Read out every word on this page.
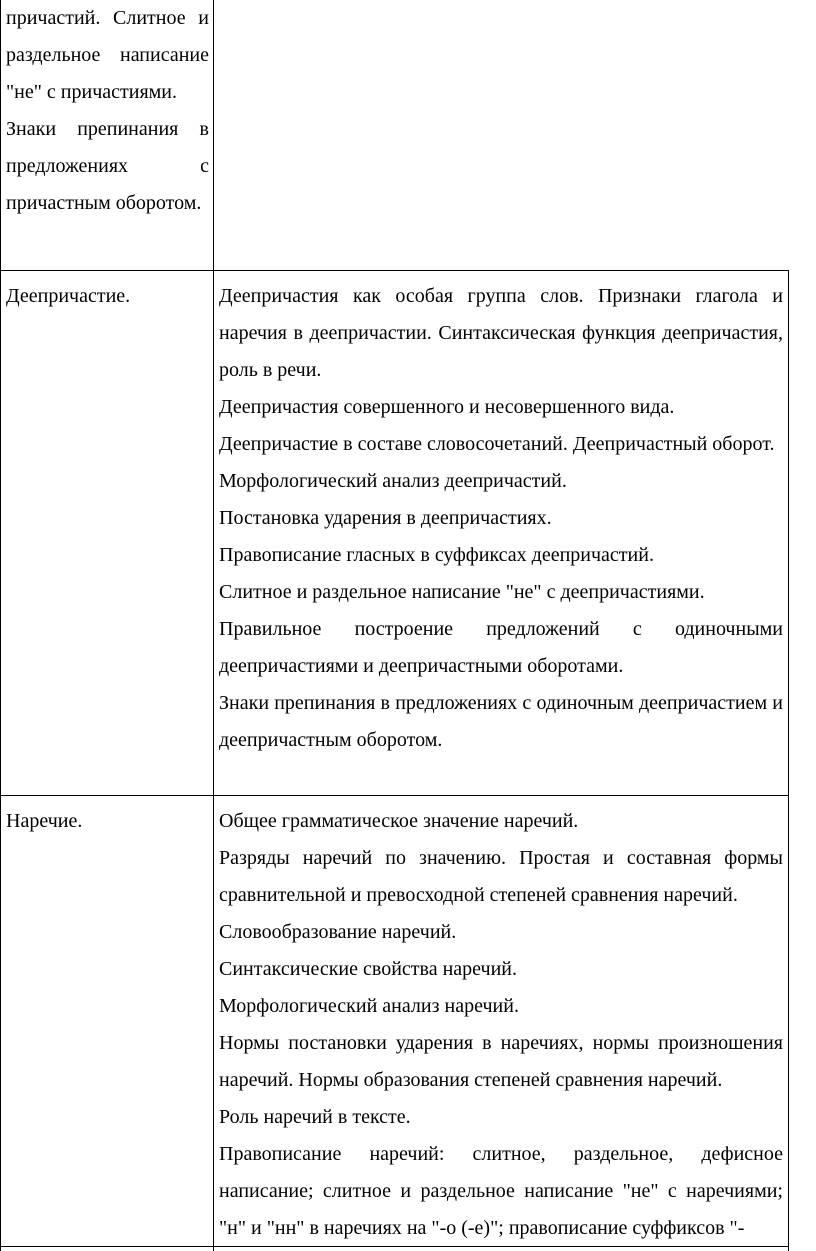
причастий. Слитное и раздельное написание "не" с причастиями.

Знаки препинания в предложениях с причастным оборотом.

Деепричастие.	Деепричастия как особая группа слов. Признаки глагола и наречия в деепричастии. Синтаксическая функция деепричастия, роль в речи.

Деепричастия совершенного и несовершенного вида.

Деепричастие в составе словосочетаний. Деепричастный оборот.

Морфологический анализ деепричастий.

Постановка ударения в деепричастиях.

Правописание гласных в суффиксах деепричастий.

Слитное и раздельное написание "не" с деепричастиями.

Правильное построение предложений с одиночными деепричастиями и деепричастными оборотами.

Знаки препинания в предложениях с одиночным деепричастием и деепричастным оборотом.

Наречие.	Общее грамматическое значение наречий.

Разряды наречий по значению. Простая и составная формы сравнительной и превосходной степеней сравнения наречий.

Словообразование наречий.

Синтаксические свойства наречий.

Морфологический анализ наречий.

Нормы постановки ударения в наречиях, нормы произношения наречий. Нормы образования степеней сравнения наречий.

Роль наречий в тексте.

Правописание наречий: слитное, раздельное, дефисное написание; слитное и раздельное написание "не" с наречиями; "н" и "нн" в наречиях на "-о (-е)"; правописание суффиксов "-
